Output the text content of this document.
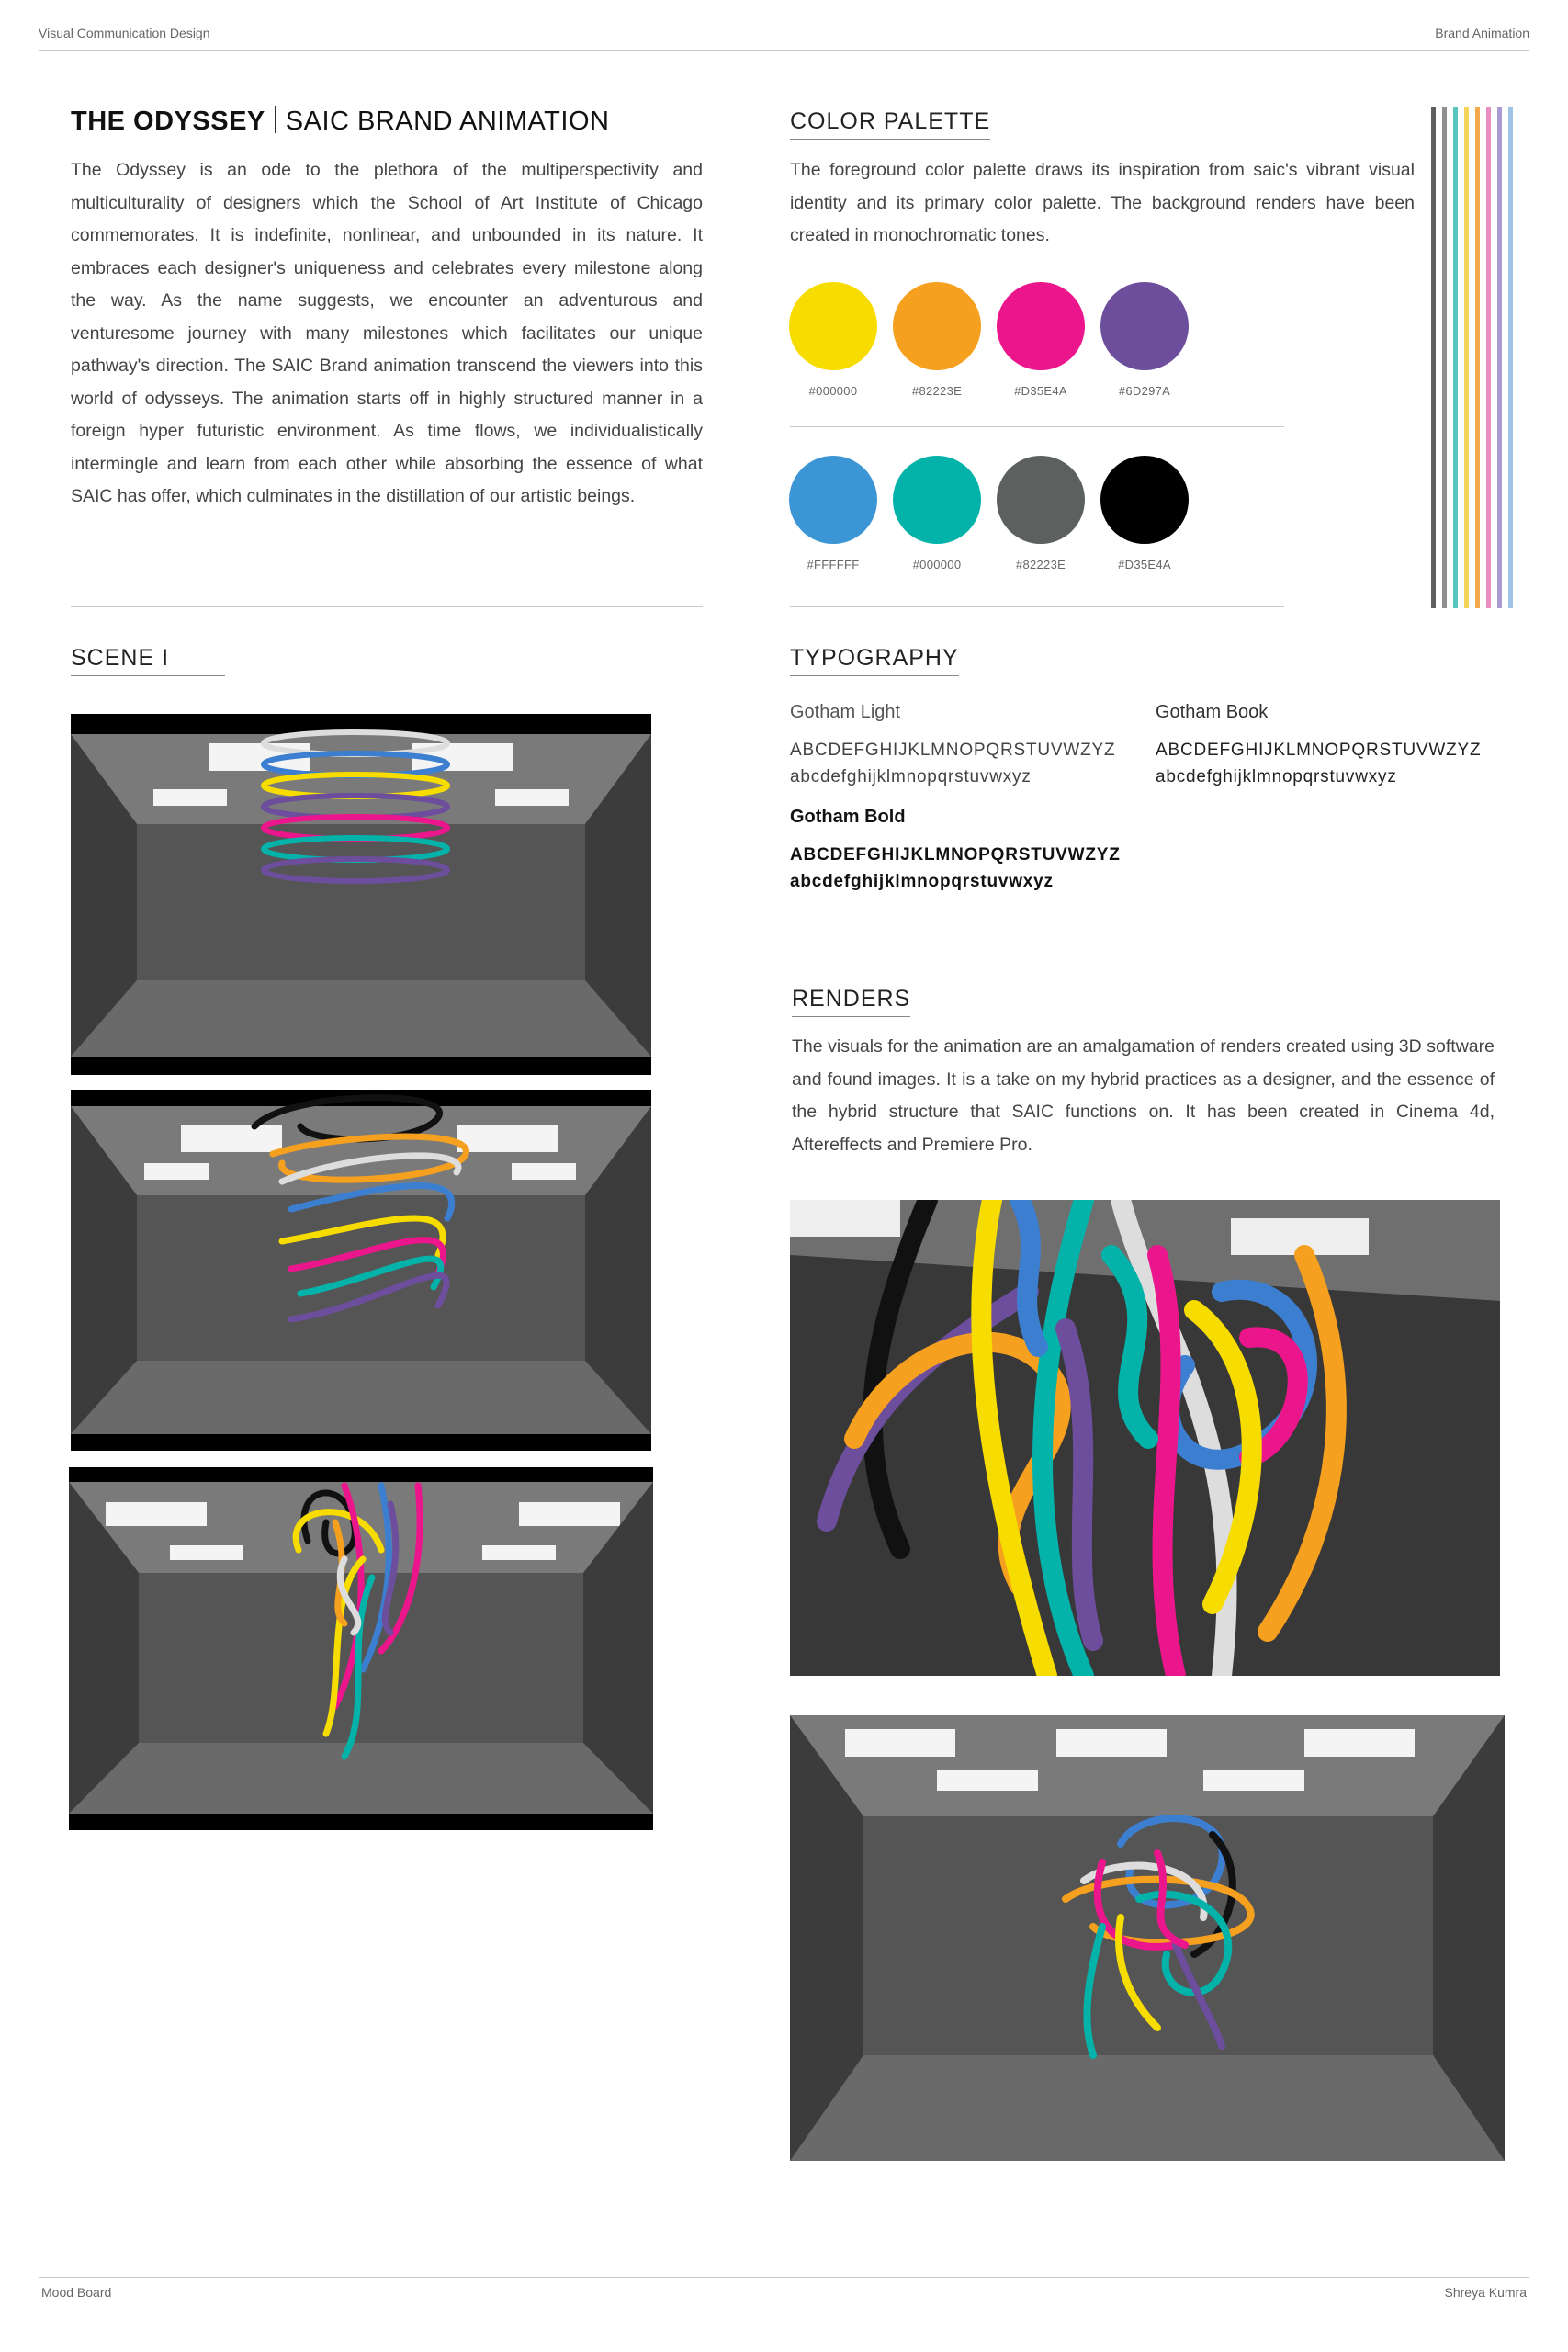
Visual Communication Design	Brand Animation
Mood Board	Shreya Kumra
THE ODYSSEY SAIC BRAND ANIMATION
The Odyssey is an ode to the plethora of the multiperspectivity and multiculturality of designers which the School of Art Institute of Chicago commemorates. It is indefinite, nonlinear, and unbounded in its nature. It embraces each designer's uniqueness and celebrates every milestone along the way. As the name suggests, we encounter an adventurous and venturesome journey with many milestones which facilitates our unique pathway's direction. The SAIC Brand animation transcend the viewers into this world of odysseys. The animation starts off in highly structured manner in a foreign hyper futuristic environment. As time flows, we individualistically intermingle and learn from each other while absorbing the essence of what SAIC has offer, which culminates in the distillation of our artistic beings.
COLOR PALETTE
The foreground color palette draws its inspiration from saic's vibrant visual identity and its primary color palette. The background renders have been created in monochromatic tones.
#000000	#82223E	#D35E4A	#6D297A
#FFFFFF	#000000	#82223E	#D35E4A
SCENE I	TYPOGRAPHY
Gotham Light
ABCDEFGHIJKLMNOPQRSTUVWZYZ
abcdefghijklmnopqrstuvwxyz
Gotham Book
ABCDEFGHIJKLMNOPQRSTUVWZYZ
abcdefghijklmnopqrstuvwxyz
Gotham Bold
ABCDEFGHIJKLMNOPQRSTUVWZYZ
abcdefghijklmnopqrstuvwxyz
RENDERS
The visuals for the animation are an amalgamation of renders created using 3D software and found images. It is a take on my hybrid practices as a designer, and the essence of the hybrid structure that SAIC functions on. It has been created in Cinema 4d, Aftereffects and Premiere Pro.
